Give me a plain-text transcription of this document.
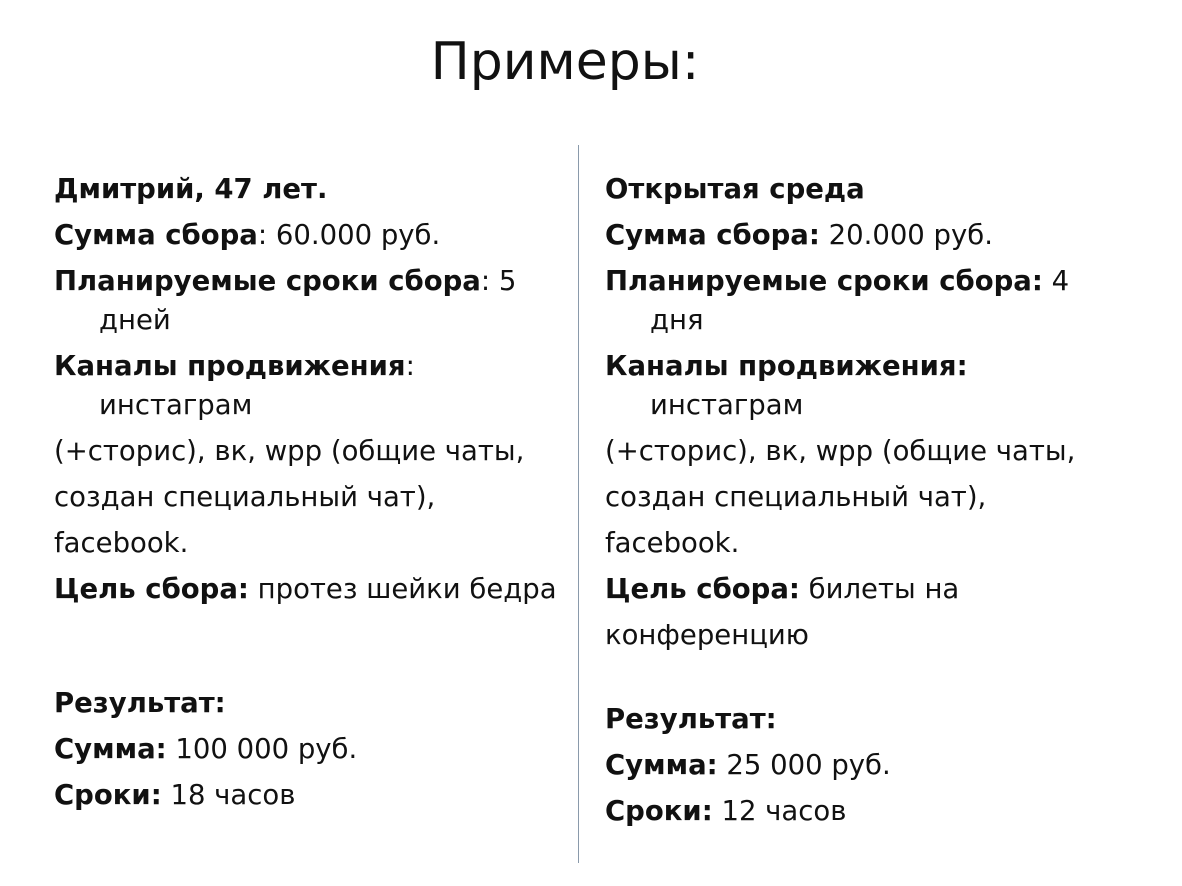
Примеры:

Дмитрий, 47 лет.

Сумма сбора: 60.000 руб.

Планируемые сроки сбора: 5
дней

Каналы продвижения:
инстаграм

(+сторис), вк, wpp (общие чаты,

создан специальный чат),

facebook.

Цель сбора: протез шейки бедра

Результат:

Сумма: 100 000 руб.

Сроки: 18 часов

Открытая среда

Сумма сбора: 20.000 руб.

Планируемые сроки сбора: 4
дня

Каналы продвижения:
инстаграм

(+сторис), вк, wpp (общие чаты,

создан специальный чат),

facebook.

Цель сбора: билеты на

конференцию

Результат:

Сумма: 25 000 руб.

Сроки: 12 часов
